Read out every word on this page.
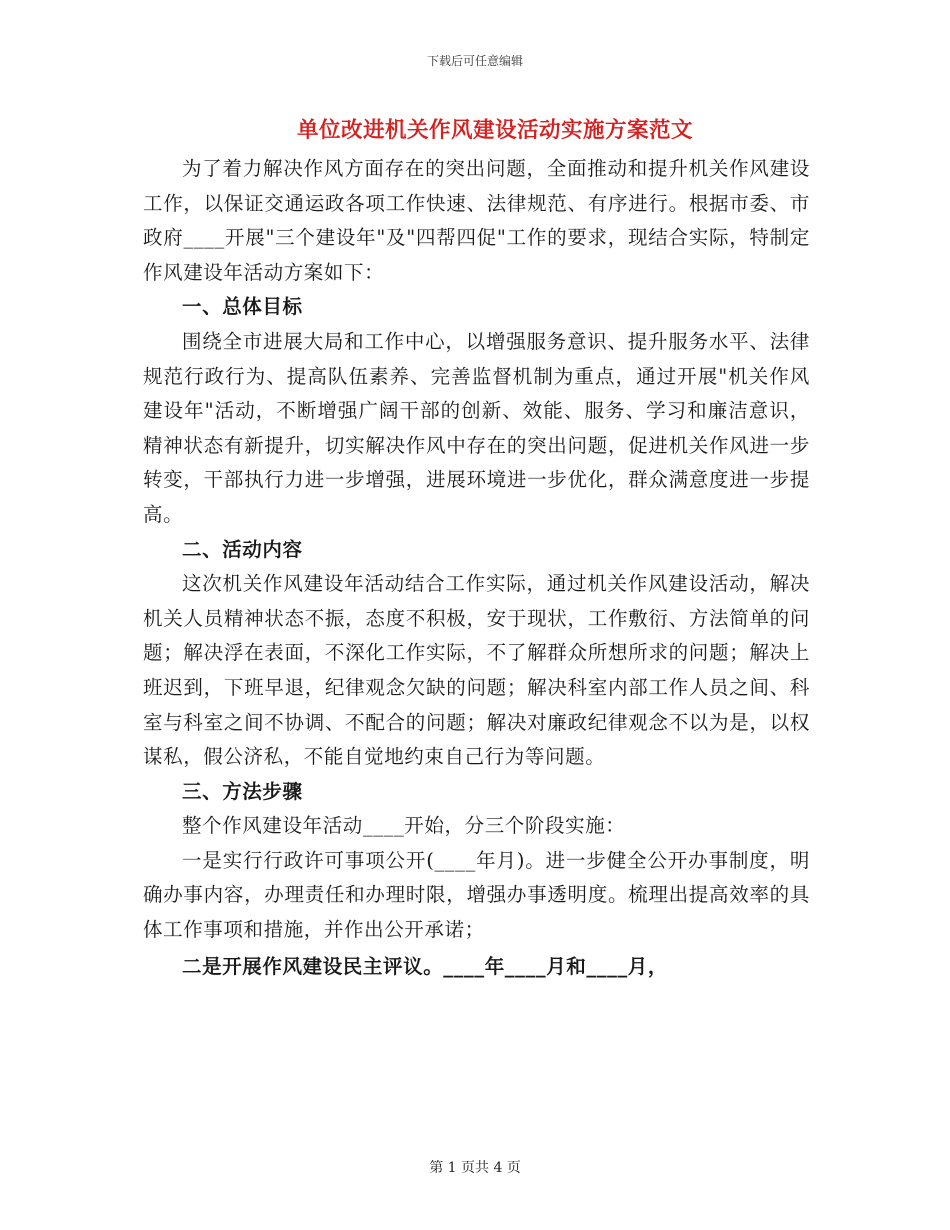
下载后可任意编辑
单位改进机关作风建设活动实施方案范文

为了着力解决作风方面存在的突出问题，全面推动和提升机关作风建设工作，以保证交通运政各项工作快速、法律规范、有序进行。根据市委、市政府____开展"三个建设年"及"四帮四促"工作的要求，现结合实际，特制定作风建设年活动方案如下：

一、总体目标

围绕全市进展大局和工作中心，以增强服务意识、提升服务水平、法律规范行政行为、提高队伍素养、完善监督机制为重点，通过开展"机关作风建设年"活动，不断增强广阔干部的创新、效能、服务、学习和廉洁意识，精神状态有新提升，切实解决作风中存在的突出问题，促进机关作风进一步转变，干部执行力进一步增强，进展环境进一步优化，群众满意度进一步提高。

二、活动内容

这次机关作风建设年活动结合工作实际，通过机关作风建设活动，解决机关人员精神状态不振，态度不积极，安于现状，工作敷衍、方法简单的问题；解决浮在表面，不深化工作实际，不了解群众所想所求的问题；解决上班迟到，下班早退，纪律观念欠缺的问题；解决科室内部工作人员之间、科室与科室之间不协调、不配合的问题；解决对廉政纪律观念不以为是，以权谋私，假公济私，不能自觉地约束自己行为等问题。

三、方法步骤

整个作风建设年活动____开始，分三个阶段实施：

一是实行行政许可事项公开(____年月)。进一步健全公开办事制度，明确办事内容，办理责任和办理时限，增强办事透明度。梳理出提高效率的具体工作事项和措施，并作出公开承诺；

二是开展作风建设民主评议。____年____月和____月，

第 1 页共 4 页
